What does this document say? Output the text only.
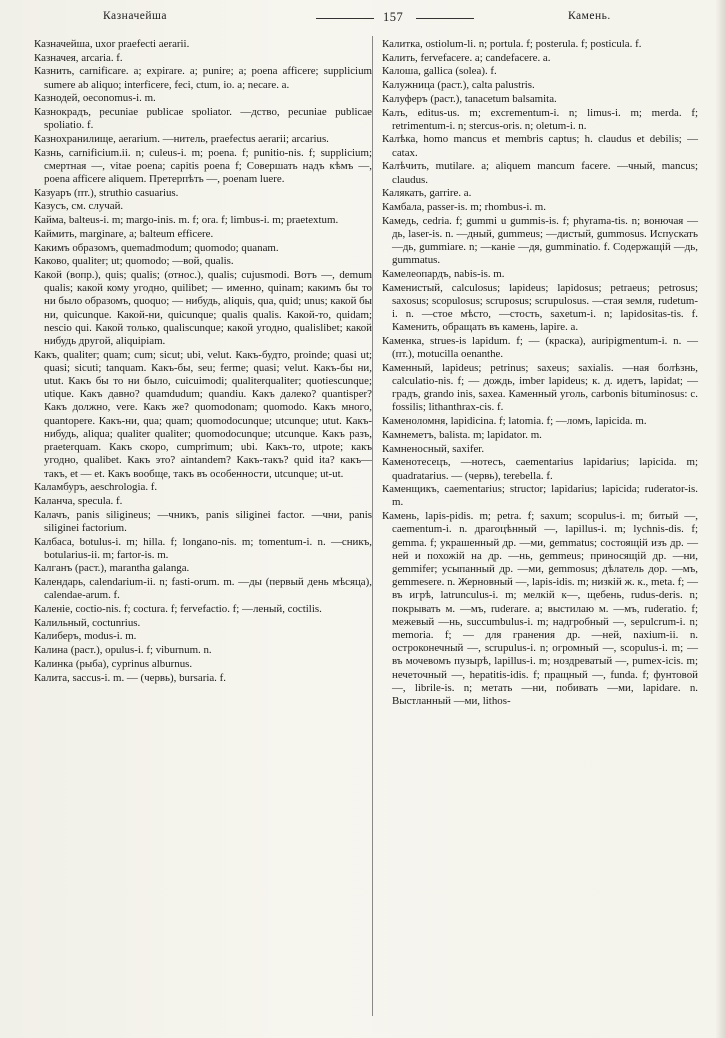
Казначейша	157	Камень.

Казначейша, uxor praefecti aerarii.

Казначея, arcaria. f.

Казнить, carnificare. a; expirare. a; punire; a; poena afficere; supplicium sumere ab aliquo; interficere, feci, ctum, io. a; necare. a.

Казнодей, oeconomus-i. m.

Казнокрадъ, pecuniae publicae spoliator. —дство, pecuniae publicae spoliatio. f.

Казнохранилище, aerarium. —нитель, praefectus aerarii; arcarius.

Казнь, carnificium.ii. n; culeus-i. m; poena. f; punitio-nis. f; supplicium; смертная —, vitae poena; capitis poena f; Совершать надъ кѣмъ —, poena afficere aliquem. Претерпѣть —, poenam luere.

Казуаръ (пт.), struthio casuarius.

Казусъ, см. случай.

Кайма, balteus-i. m; margo-inis. m. f; ora. f; limbus-i. m; praetextum.

Каймить, marginare, a; balteum efficere.

Какимъ образомъ, quemadmodum; quomodo; quanam.

Каково, qualiter; ut; quomodo; —вой, qualis.

Какой (вопр.), quis; qualis; (относ.), qualis; cujusmodi. Вотъ —, demum qualis; какой кому угодно, quilibet; — именно, quinam; какимъ бы то ни было образомъ, quoquo; — нибудь, aliquis, qua, quid; unus; какой бы ни, quicunque. Какой-ни, quicunque; qualis qualis. Какой-то, quidam; nescio qui. Какой только, qualiscunque; какой угодно, qualislibet; какой нибудь другой, aliquipiam.

Какъ, qualiter; quam; cum; sicut; ubi, velut. Какъ-будто, proinde; quasi ut; quasi; sicuti; tanquam. Какъ-бы, seu; ferme; quasi; velut. Какъ-бы ни, utut. Какъ бы то ни было, cuicuimodi; qualiterqualiter; quotiescunque; utique. Какъ давно? quamdudum; quandiu. Какъ далеко? quantisper? Какъ должно, vere. Какъ же? quomodonam; quomodo. Какъ много, quantopere. Какъ-ни, qua; quam; quomodocunque; utcunque; utut. Какъ-нибудь, aliqua; qualiter qualiter; quomodocunque; utcunque. Какъ разъ, praeterquam. Какъ скоро, cumprimum; ubi. Какъ-то, utpote; какъ угодно, qualibet. Какъ это? aintandem? Какъ-такъ? quid ita? какъ—такъ, et — et. Какъ вообще, такъ въ особенности, utcunque; ut-ut.

Каламбуръ, aeschrologia. f.

Каланча, specula. f.

Калачъ, panis siligineus; —чникъ, panis siliginei factor. —чни, panis siliginei factorium.

Калбаса, botulus-i. m; hilla. f; longano-nis. m; tomentum-i. n. —сникъ, botularius-ii. m; fartor-is. m.

Калганъ (раст.), marantha galanga.

Календарь, calendarium-ii. n; fasti-orum. m. —ды (первый день мѣсяца), calendae-arum. f.

Каленіе, coctio-nis. f; coctura. f; fervefactio. f; —леный, coctilis.

Калильный, coctunrius.

Калиберъ, modus-i. m.

Калина (раст.), opulus-i. f; viburnum. n.

Калинка (рыба), cyprinus alburnus.

Калита, saccus-i. m. — (червь), bursaria. f.

Калитка, ostiolum-li. n; portula. f; posterula. f; posticula. f.

Калить, fervefacere. a; candefacere. a.

Калоша, gallica (solea). f.

Калужница (раст.), calta palustris.

Калуферъ (раст.), tanacetum balsamita.

Калъ, editus-us. m; excrementum-i. n; limus-i. m; merda. f; retrimentum-i. n; stercus-oris. n; oletum-i. n.

Калѣка, homo mancus et membris captus; h. claudus et debilis; — catax.

Калѣчить, mutilare. a; aliquem mancum facere. —чный, mancus; claudus.

Калякать, garrire. a.

Камбала, passer-is. m; rhombus-i. m.

Камедь, cedria. f; gummi u gummis-is. f; phyrama-tis. n; вонючая —дь, laser-is. n. —дный, gummeus; —дистый, gummosus. Испускать —дь, gummiare. n; —каніе —дя, gumminatio. f. Содержащій —дь, gummatus.

Камелеопардъ, nabis-is. m.

Каменистый, calculosus; lapideus; lapidosus; petraeus; petrosus; saxosus; scopulosus; scruposus; scrupulosus. —стая земля, rudetum-i. n. —стое мѣсто, —стость, saxetum-i. n; lapidositas-tis. f. Каменить, обращать въ камень, lapire. a.

Каменка, strues-is lapidum. f; — (краска), auripigmentum-i. n. — (пт.), motucilla oenanthe.

Каменный, lapideus; petrinus; saxeus; saxialis. —ная болѣзнь, calculatio-nis. f; — дождь, imber lapideus; к. д. идетъ, lapidat; — градъ, grando inis, saxea. Каменный уголь, carbonis bituminosus: c. fossilis; lithanthrax-cis. f.

Каменоломня, lapidicina. f; latomia. f; —ломъ, lapicida. m.

Камнеметъ, balista. m; lapidator. m.

Камненосный, saxifer.

Каменотесецъ, —нотесъ, caementarius lapidarius; lapicida. m; quadratarius. — (червь), terebella. f.

Каменщикъ, caementarius; structor; lapidarius; lapicida; ruderator-is. m.

Камень, lapis-pidis. m; petra. f; saxum; scopulus-i. m; битый —, caementum-i. n. драгоцѣнный —, lapillus-i. m; lychnis-dis. f; gemma. f; украшенный др. —ми, gemmatus; состоящій изъ др. —ней и похожій на др. —нь, gemmeus; приносящій др. —ни, gemmifer; усыпанный др. —ми, gemmosus; дѣлатель дор. —мъ, gemmesere. n. Жерновный —, lapis-idis. m; низкій ж. к., meta. f; — въ игрѣ, latrunculus-i. m; мелкій к—, щебень, rudus-deris. n; покрывать м. —мъ, ruderare. a; выстилаю м. —мъ, ruderatio. f; межевый —нь, succumbulus-i. m; надгробный —, sepulcrum-i. n; memoria. f; — для гранения др. —ней, naxium-ii. n. остроконечный —, scrupulus-i. n; огромный —, scopulus-i. m; — въ мочевомъ пузырѣ, lapillus-i. m; ноздреватый —, pumex-icis. m; нечеточный —, hepatitis-idis. f; пращный —, funda. f; фунтовой —, librile-is. n; метать —ни, побивать —ми, lapidare. n. Выстланный —ми, lithos-
